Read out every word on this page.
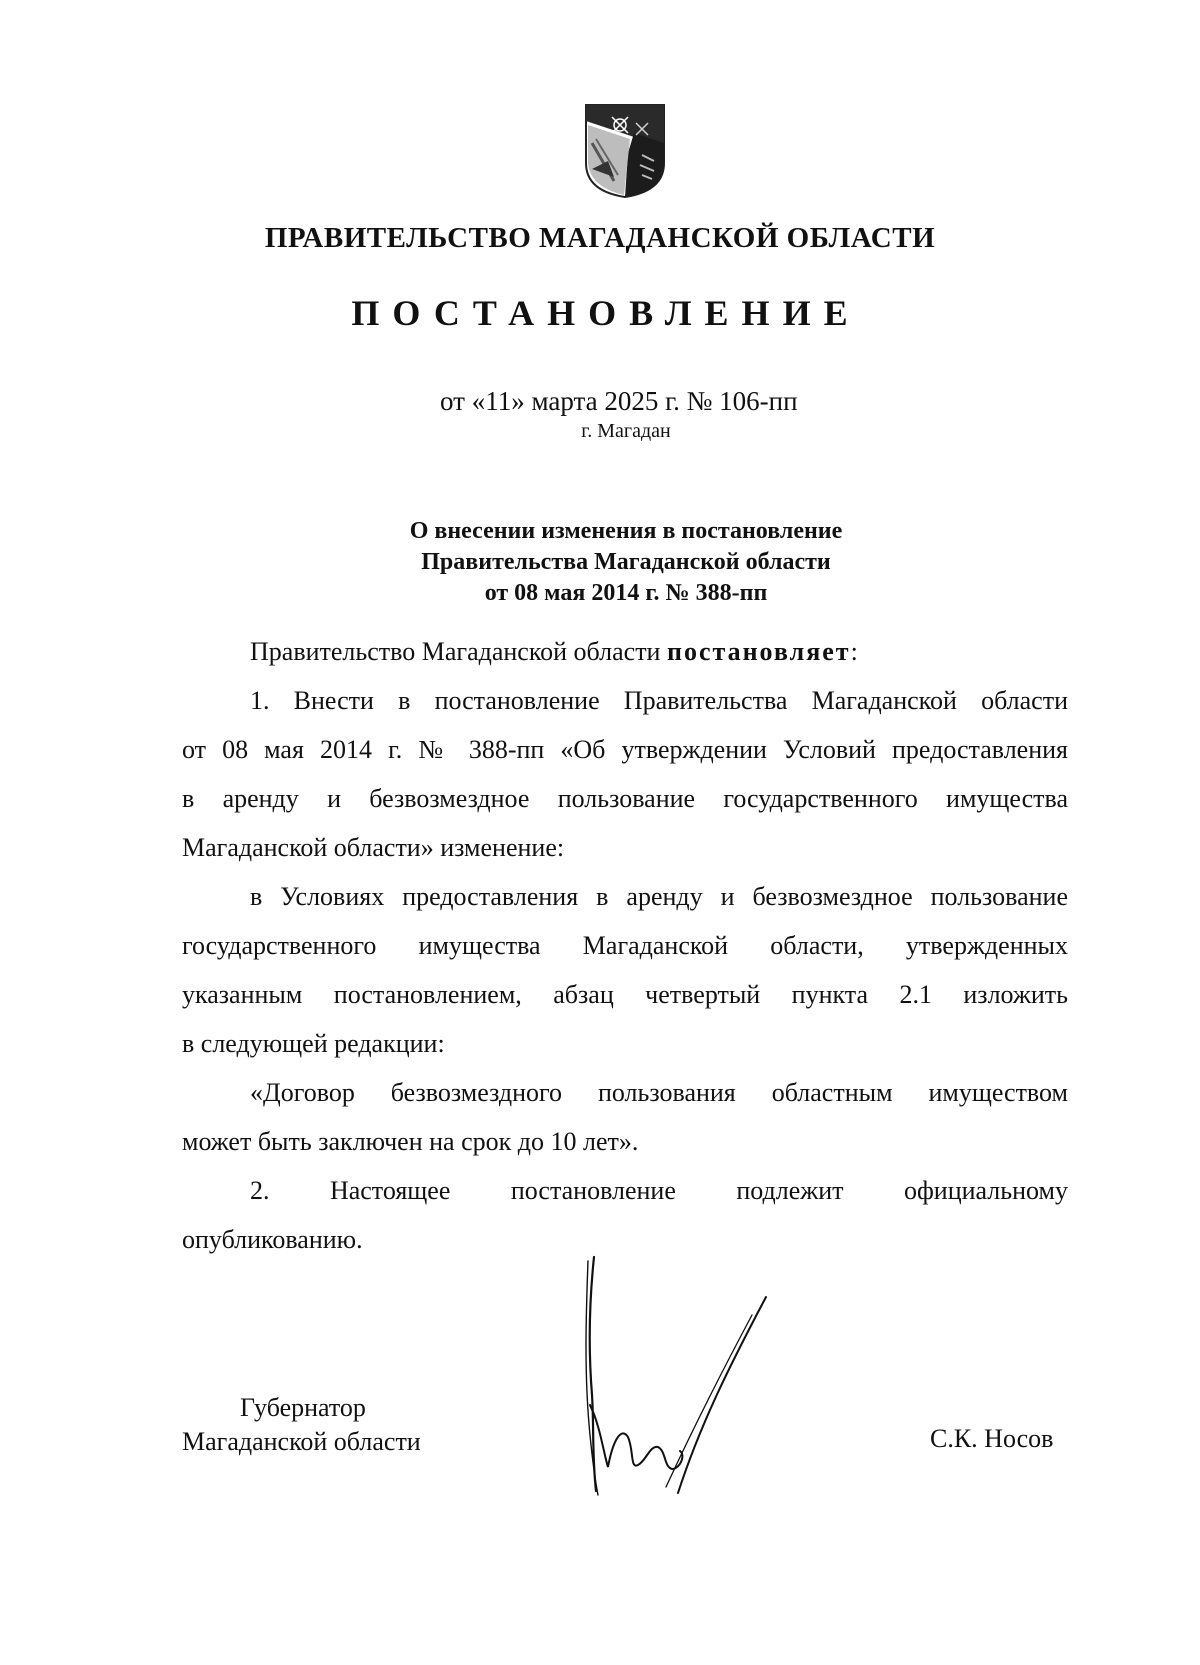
ПРАВИТЕЛЬСТВО МАГАДАНСКОЙ ОБЛАСТИ
ПОСТАНОВЛЕНИЕ
от «11» марта 2025 г. № 106-пп
г. Магадан
О внесении изменения в постановление
Правительства Магаданской области
от 08 мая 2014 г. № 388-пп
Правительство Магаданской области постановляет:
1. Внести в постановление Правительства Магаданской области
от 08 мая 2014 г. № 388-пп «Об утверждении Условий предоставления
в аренду и безвозмездное пользование государственного имущества
Магаданской области» изменение:
в Условиях предоставления в аренду и безвозмездное пользование
государственного имущества Магаданской области, утвержденных
указанным постановлением, абзац четвертый пункта 2.1 изложить
в следующей редакции:
«Договор безвозмездного пользования областным имуществом
может быть заключен на срок до 10 лет».
2. Настоящее постановление подлежит официальному
опубликованию.
Губернатор
Магаданской области	С.К. Носов
